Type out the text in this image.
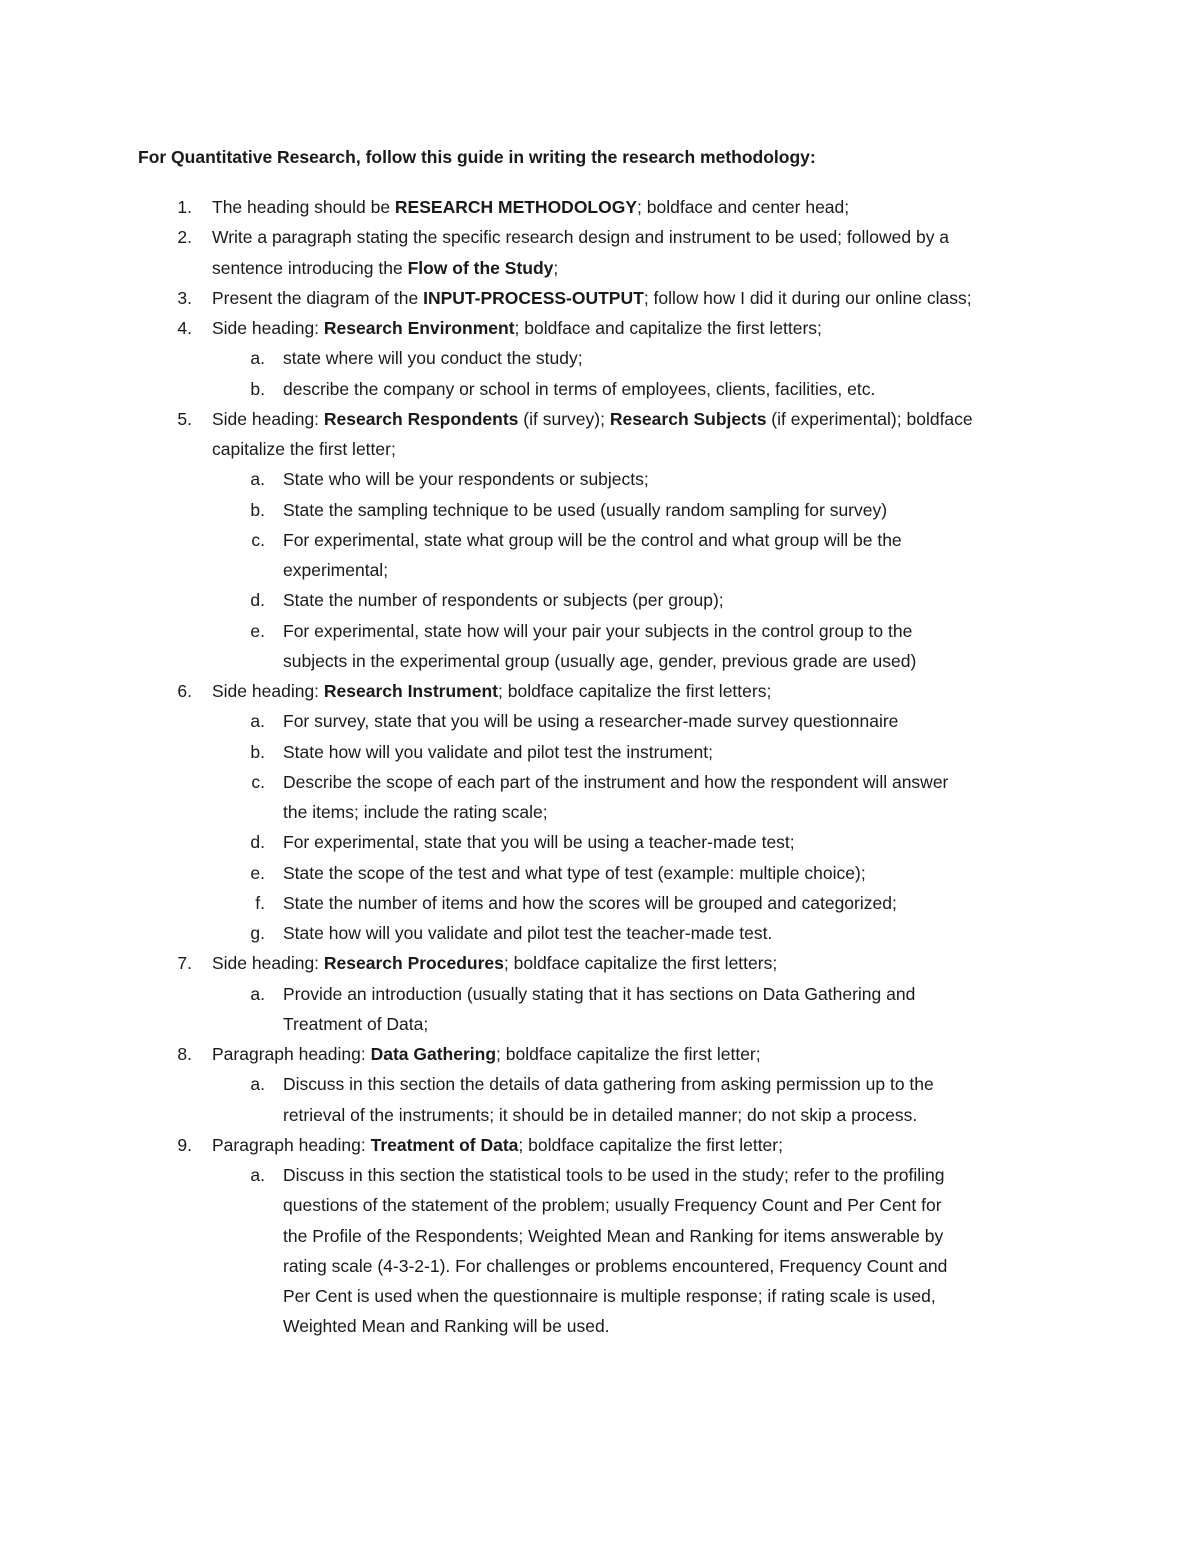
For Quantitative Research, follow this guide in writing the research methodology:
1. The heading should be RESEARCH METHODOLOGY; boldface and center head;
2. Write a paragraph stating the specific research design and instrument to be used; followed by a
sentence introducing the Flow of the Study;
3. Present the diagram of the INPUT-PROCESS-OUTPUT; follow how I did it during our online class;
4. Side heading: Research Environment; boldface and capitalize the first letters;
a. state where will you conduct the study;
b. describe the company or school in terms of employees, clients, facilities, etc.
5. Side heading: Research Respondents (if survey); Research Subjects (if experimental); boldface
capitalize the first letter;
a. State who will be your respondents or subjects;
b. State the sampling technique to be used (usually random sampling for survey)
c. For experimental, state what group will be the control and what group will be the
experimental;
d. State the number of respondents or subjects (per group);
e. For experimental, state how will your pair your subjects in the control group to the
subjects in the experimental group (usually age, gender, previous grade are used)
6. Side heading: Research Instrument; boldface capitalize the first letters;
a. For survey, state that you will be using a researcher-made survey questionnaire
b. State how will you validate and pilot test the instrument;
c. Describe the scope of each part of the instrument and how the respondent will answer
the items; include the rating scale;
d. For experimental, state that you will be using a teacher-made test;
e. State the scope of the test and what type of test (example: multiple choice);
f. State the number of items and how the scores will be grouped and categorized;
g. State how will you validate and pilot test the teacher-made test.
7. Side heading: Research Procedures; boldface capitalize the first letters;
a. Provide an introduction (usually stating that it has sections on Data Gathering and
Treatment of Data;
8. Paragraph heading: Data Gathering; boldface capitalize the first letter;
a. Discuss in this section the details of data gathering from asking permission up to the
retrieval of the instruments; it should be in detailed manner; do not skip a process.
9. Paragraph heading: Treatment of Data; boldface capitalize the first letter;
a. Discuss in this section the statistical tools to be used in the study; refer to the profiling
questions of the statement of the problem; usually Frequency Count and Per Cent for
the Profile of the Respondents; Weighted Mean and Ranking for items answerable by
rating scale (4-3-2-1). For challenges or problems encountered, Frequency Count and
Per Cent is used when the questionnaire is multiple response; if rating scale is used,
Weighted Mean and Ranking will be used.
